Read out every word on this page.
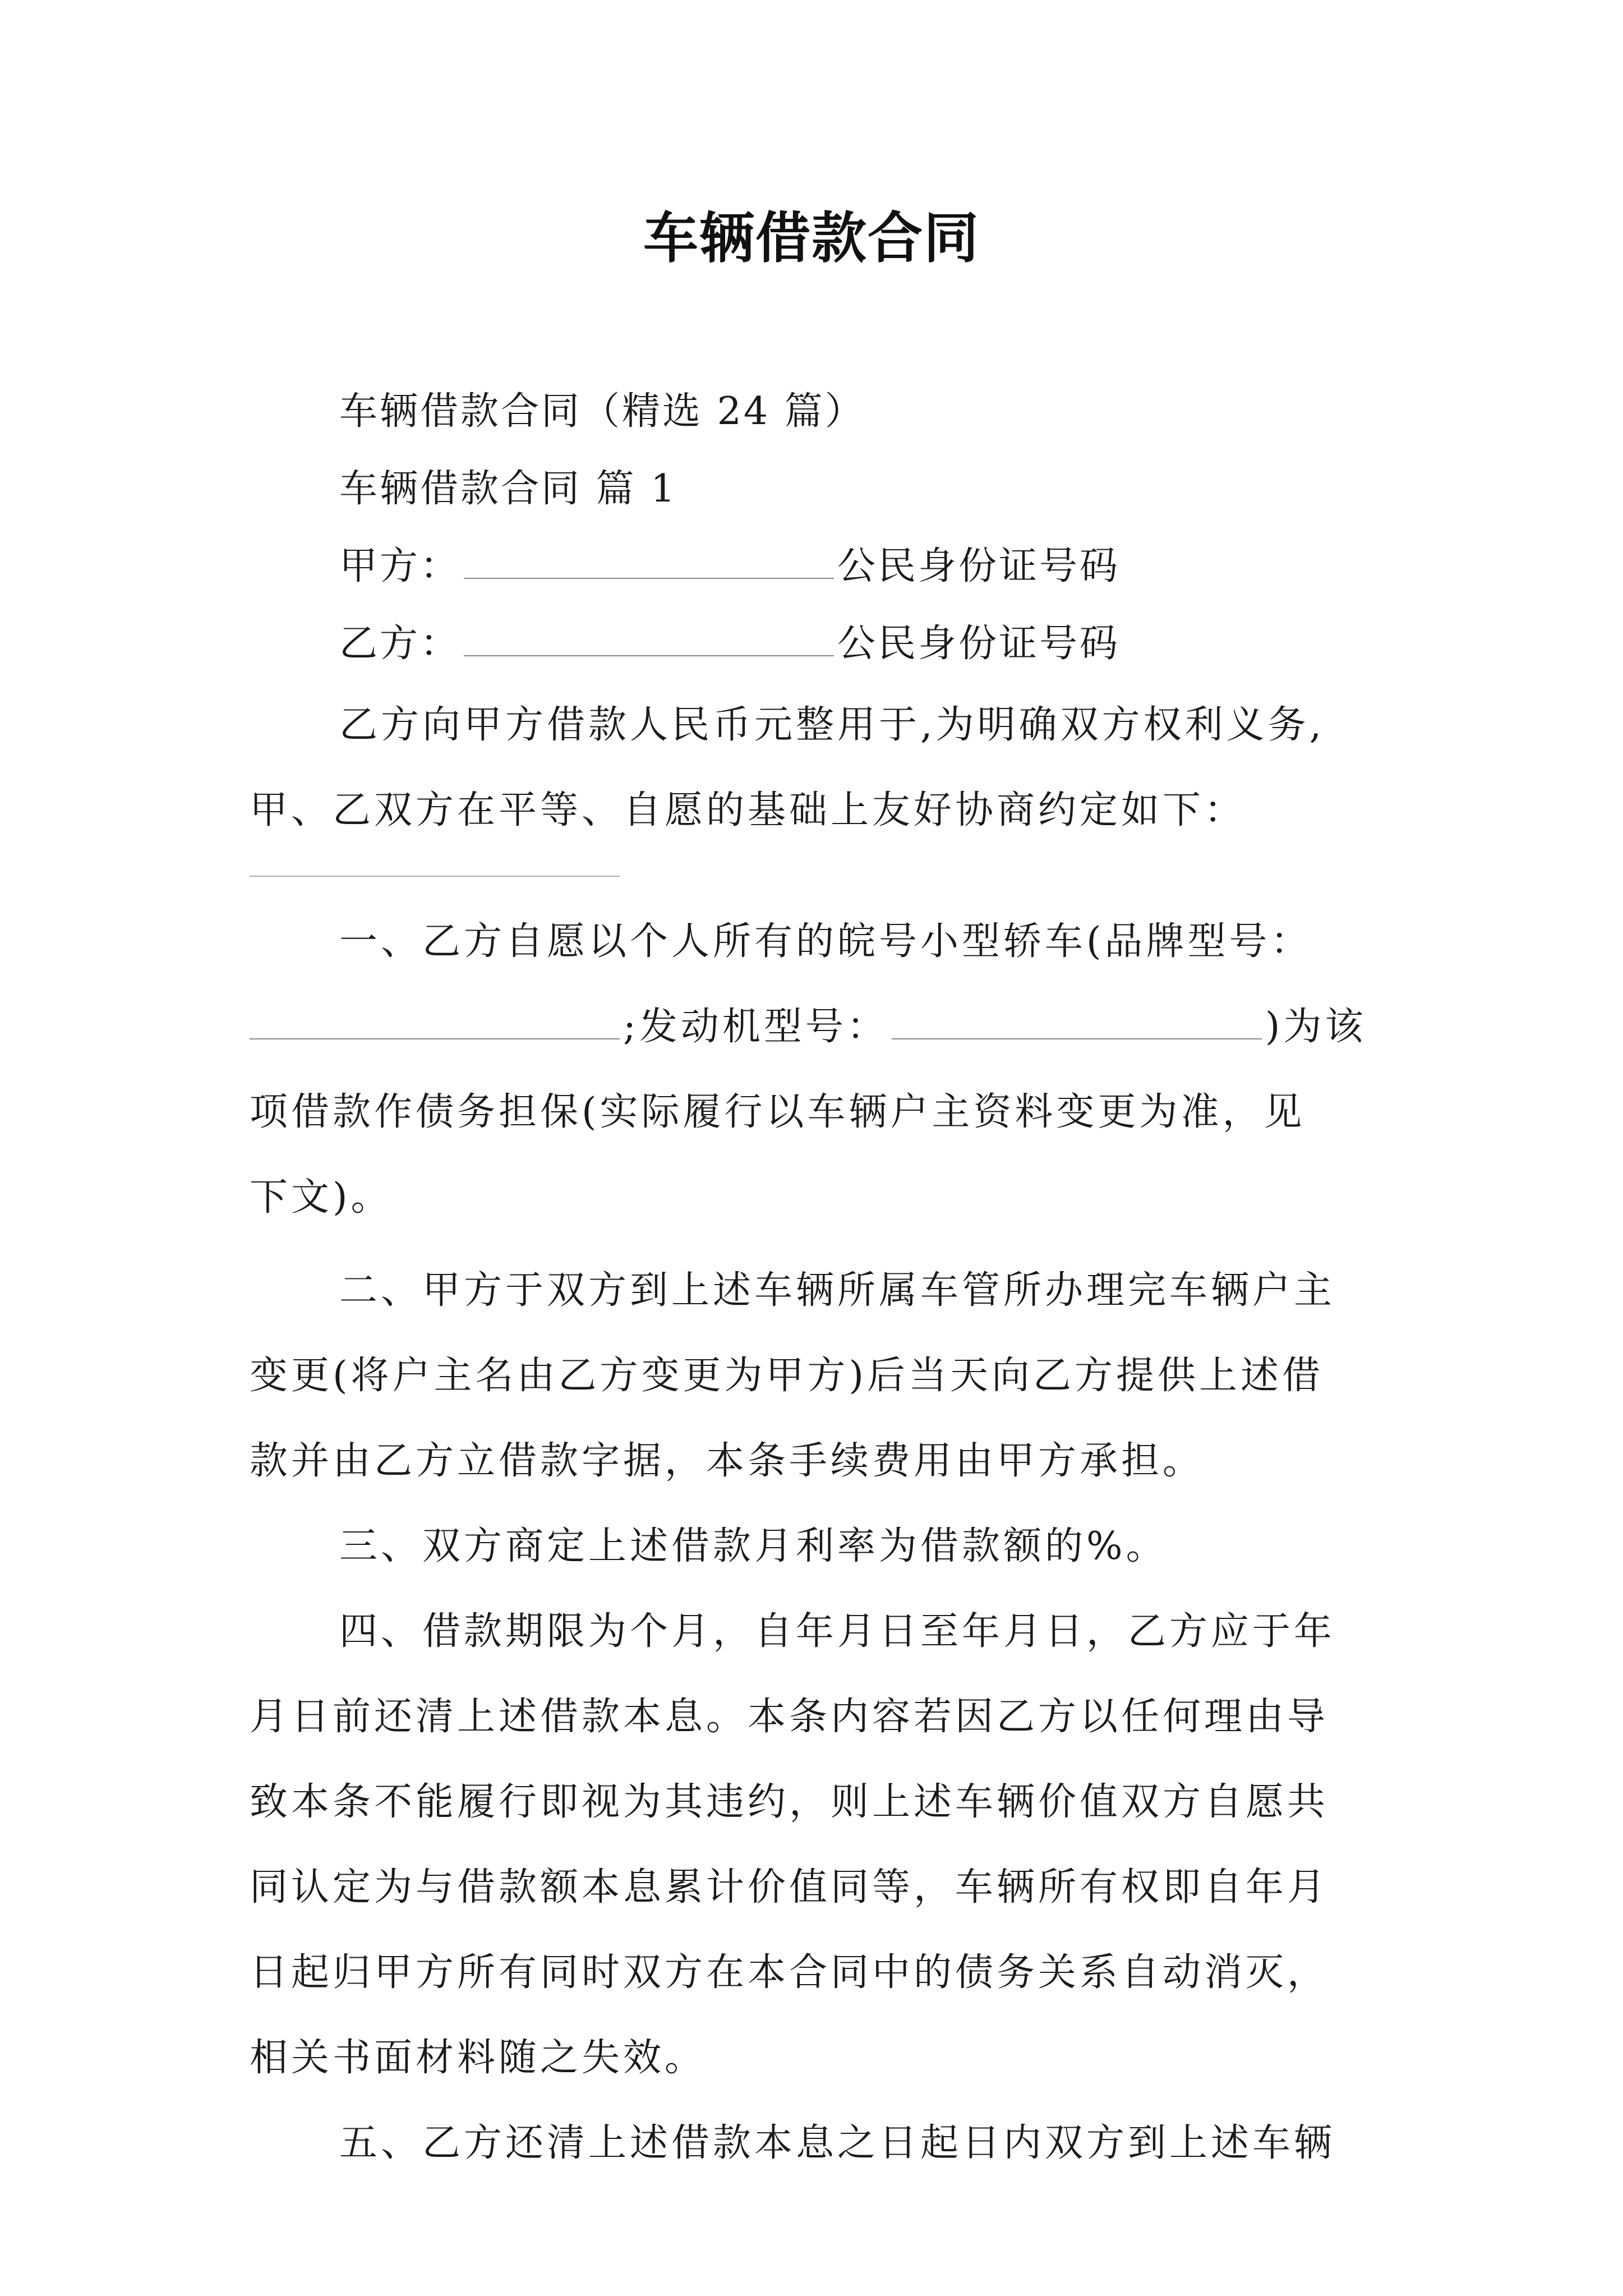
车辆借款合同
车辆借款合同（精选 24 篇）
车辆借款合同 篇 1
甲方：	公民身份证号码
乙方：	公民身份证号码
乙方向甲方借款人民币元整用于,为明确双方权利义务,
甲、乙双方在平等、自愿的基础上友好协商约定如下：
一、乙方自愿以个人所有的皖号小型轿车(品牌型号：
;发动机型号：	)为该
项借款作债务担保(实际履行以车辆户主资料变更为准，见
下文)。
二、甲方于双方到上述车辆所属车管所办理完车辆户主
变更(将户主名由乙方变更为甲方)后当天向乙方提供上述借
款并由乙方立借款字据，本条手续费用由甲方承担。
三、双方商定上述借款月利率为借款额的%。
四、借款期限为个月，自年月日至年月日，乙方应于年
月日前还清上述借款本息。本条内容若因乙方以任何理由导
致本条不能履行即视为其违约，则上述车辆价值双方自愿共
同认定为与借款额本息累计价值同等，车辆所有权即自年月
日起归甲方所有同时双方在本合同中的债务关系自动消灭，
相关书面材料随之失效。
五、乙方还清上述借款本息之日起日内双方到上述车辆
